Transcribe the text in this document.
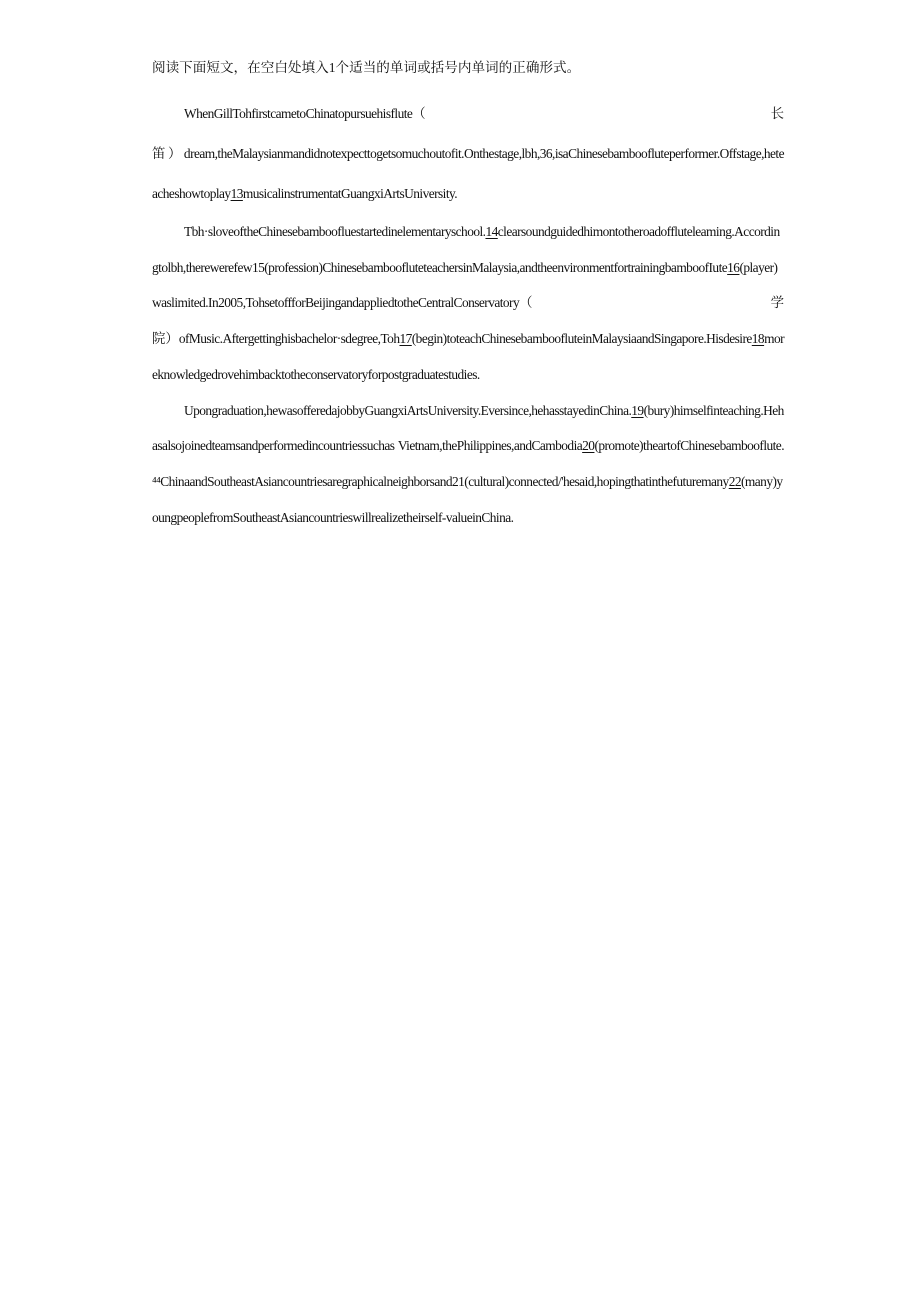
阅读下面短文，在空白处填入1个适当的单词或括号内单词的正确形式。

WhenGillTohfirstcametoChinatopursuehisflute（	长

笛）dream,theMalaysianmandidnotexpecttogetsomuchoutofit.Onthestage,lbh,36,isaChinesebamboofluteperformer.Offstage,heteacheshowtoplay13musicalinstrumentatGuangxiArtsUniversity.

Tbh·sloveoftheChinesebamboofluestartedinelementaryschool.14clearsoundguidedhimontotheroadoffluteleaming.Accordingtolbh,therewerefew15(profession)ChinesebamboofluteteachersinMalaysia,andtheenvironmentfortrainingbamboofIute16(player)waslimited.In2005,TohsetoffforBeijingandappliedtotheCentralConservatory（	学

院）ofMusic.Aftergettinghisbachelor·sdegree,Toh17(begin)toteachChinesebamboofluteinMalaysiaandSingapore.Hisdesire18moreknowledgedrovehimbacktotheconservatoryforpostgraduatestudies.

Upongraduation,hewasofferedajobbyGuangxiArtsUniversity.Eversince,hehasstayedinChina.19(bury)himselfinteaching.Hehasalsojoinedteamsandperformedincountriessuchas Vietnam,thePhilippines,andCambodia20(promote)theartofChinesebambooflute.⁴⁴ChinaandSoutheastAsiancountriesaregraphicalneighborsand21(cultural)connected/'hesaid,hopingthatinthefuturemany22(many)youngpeoplefromSoutheastAsiancountrieswillrealizetheirself-valueinChina.
